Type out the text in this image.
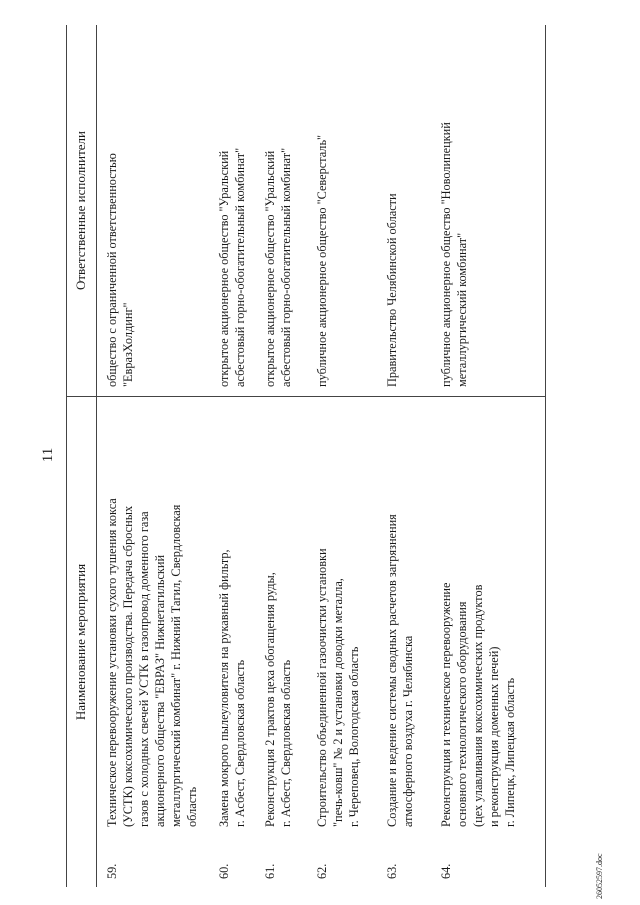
11
Наименование мероприятия
Ответственные исполнители
59.
Техническое перевооружение установки сухого тушения кокса
(УСТК) коксохимического производства. Передача сбросных
газов с холодных свечей УСТК в газопровод доменного газа
акционерного общества "ЕВРАЗ" Нижнетагильский
металлургический комбинат" г. Нижний Тагил, Свердловская
область
общество с ограниченной ответственностью
"ЕвразХолдинг"
60.
Замена мокрого пылеуловителя на рукавный фильтр,
г. Асбест, Свердловская область
открытое акционерное общество "Уральский
асбестовый горно-обогатительный комбинат"
61.
Реконструкция 2 трактов цеха обогащения руды,
г. Асбест, Свердловская область
открытое акционерное общество "Уральский
асбестовый горно-обогатительный комбинат"
62.
Строительство объединенной газоочистки установки
"печь-ковш" № 2 и установки доводки металла,
г. Череповец, Вологодская область
публичное акционерное общество "Северсталь"
63.
Создание и ведение системы сводных расчетов загрязнения
атмосферного воздуха г. Челябинска
Правительство Челябинской области
64.
Реконструкция и техническое перевооружение
основного технологического оборудования
(цех улавливания коксохимических продуктов
и реконструкция доменных печей)
г. Липецк, Липецкая область
публичное акционерное общество "Новолипецкий
металлургический комбинат"
26052597.doc
